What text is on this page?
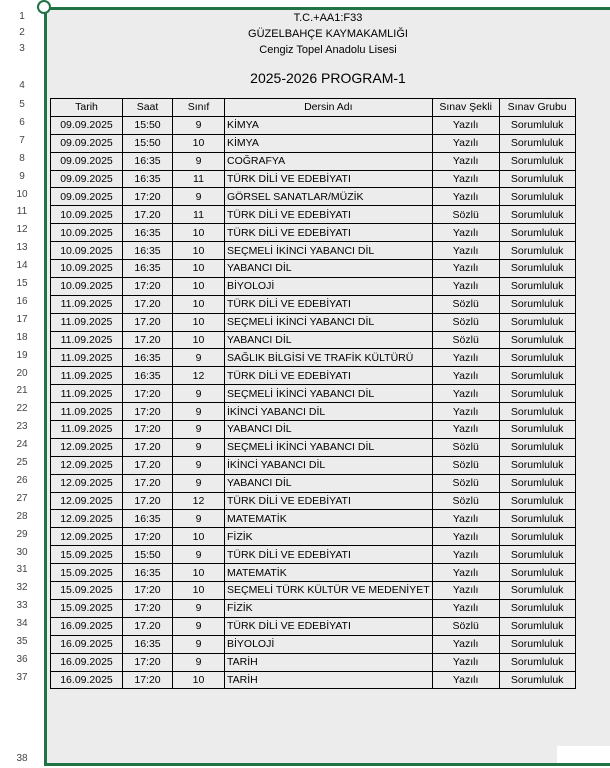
1
2
3
4
5
6
7
8
9
10
11
12
13
14
15
16
17
18
19
20
21
22
23
24
25
26
27
28
29
30
31
32
33
34
35
36
37
38
T.C.+AA1:F33
GÜZELBAHÇE KAYMAKAMLIĞI
Cengiz Topel Anadolu Lisesi
2025-2026 PROGRAM-1
Tarih	Saat	Sınıf	Dersin Adı	Sınav Şekli	Sınav Grubu
09.09.2025	15:50	9	KİMYA	Yazılı	Sorumluluk
09.09.2025	15:50	10	KİMYA	Yazılı	Sorumluluk
09.09.2025	16:35	9	COĞRAFYA	Yazılı	Sorumluluk
09.09.2025	16:35	11	TÜRK DİLİ VE EDEBİYATI	Yazılı	Sorumluluk
09.09.2025	17:20	9	GÖRSEL SANATLAR/MÜZİK	Yazılı	Sorumluluk
10.09.2025	17.20	11	TÜRK DİLİ VE EDEBİYATI	Sözlü	Sorumluluk
10.09.2025	16:35	10	TÜRK DİLİ VE EDEBİYATI	Yazılı	Sorumluluk
10.09.2025	16:35	10	SEÇMELİ İKİNCİ YABANCI DİL	Yazılı	Sorumluluk
10.09.2025	16:35	10	YABANCI DİL	Yazılı	Sorumluluk
10.09.2025	17:20	10	BİYOLOJİ	Yazılı	Sorumluluk
11.09.2025	17.20	10	TÜRK DİLİ VE EDEBİYATI	Sözlü	Sorumluluk
11.09.2025	17.20	10	SEÇMELİ İKİNCİ YABANCI DİL	Sözlü	Sorumluluk
11.09.2025	17.20	10	YABANCI DİL	Sözlü	Sorumluluk
11.09.2025	16:35	9	SAĞLIK BİLGİSİ VE TRAFİK KÜLTÜRÜ	Yazılı	Sorumluluk
11.09.2025	16:35	12	TÜRK DİLİ VE EDEBİYATI	Yazılı	Sorumluluk
11.09.2025	17:20	9	SEÇMELİ İKİNCİ YABANCI DİL	Yazılı	Sorumluluk
11.09.2025	17:20	9	İKİNCİ YABANCI DİL	Yazılı	Sorumluluk
11.09.2025	17:20	9	YABANCI DİL	Yazılı	Sorumluluk
12.09.2025	17.20	9	SEÇMELİ İKİNCİ YABANCI DİL	Sözlü	Sorumluluk
12.09.2025	17.20	9	İKİNCİ YABANCI DİL	Sözlü	Sorumluluk
12.09.2025	17.20	9	YABANCI DİL	Sözlü	Sorumluluk
12.09.2025	17.20	12	TÜRK DİLİ VE EDEBİYATI	Sözlü	Sorumluluk
12.09.2025	16:35	9	MATEMATİK	Yazılı	Sorumluluk
12.09.2025	17:20	10	FİZİK	Yazılı	Sorumluluk
15.09.2025	15:50	9	TÜRK DİLİ VE EDEBİYATI	Yazılı	Sorumluluk
15.09.2025	16:35	10	MATEMATİK	Yazılı	Sorumluluk
15.09.2025	17:20	10	SEÇMELİ TÜRK KÜLTÜR VE MEDENİYET	Yazılı	Sorumluluk
15.09.2025	17:20	9	FİZİK	Yazılı	Sorumluluk
16.09.2025	17.20	9	TÜRK DİLİ VE EDEBİYATI	Sözlü	Sorumluluk
16.09.2025	16:35	9	BİYOLOJİ	Yazılı	Sorumluluk
16.09.2025	17:20	9	TARİH	Yazılı	Sorumluluk
16.09.2025	17:20	10	TARİH	Yazılı	Sorumluluk
